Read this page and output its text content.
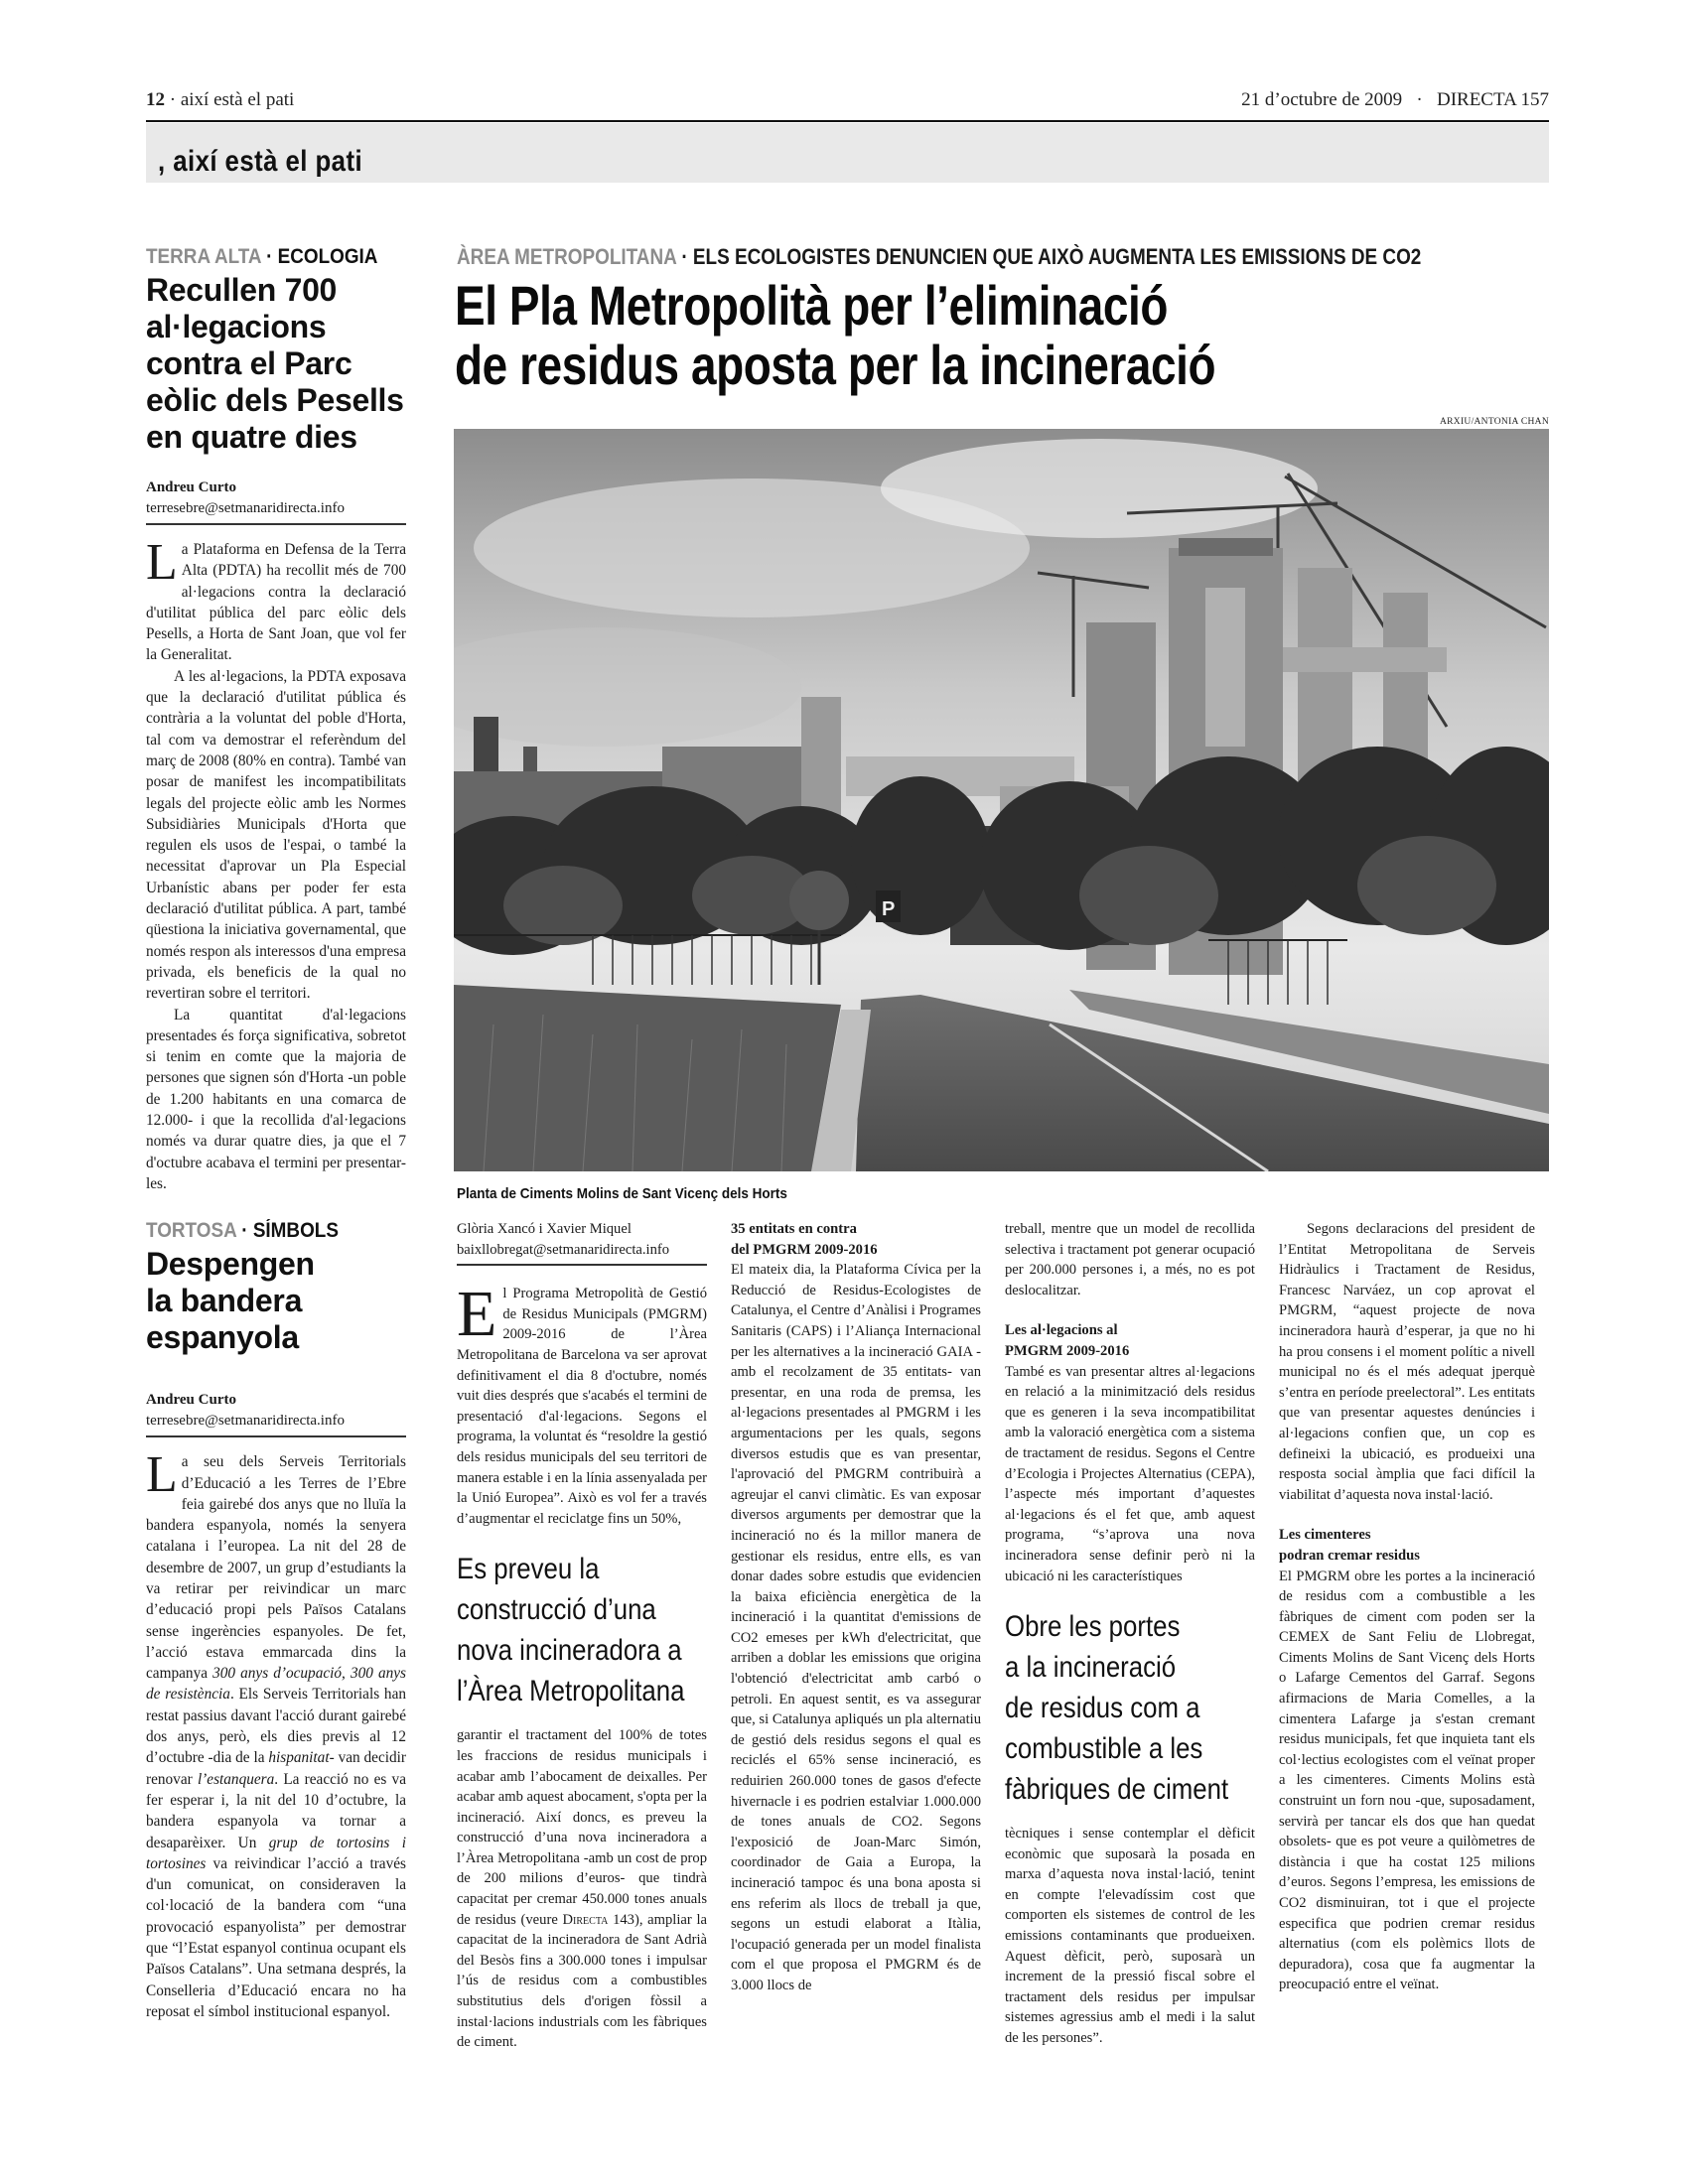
12 · així està el pati	21 d’octubre de 2009   ·   DIRECTA 157
, així està el pati
TERRA ALTA · ECOLOGIA
Recullen 700 al·legacions contra el Parc eòlic dels Pesells en quatre dies
Andreu Curto
terresebre@setmanaridirecta.info

La Plataforma en Defensa de la Terra Alta (PDTA) ha recollit més de 700 al·legacions contra la declaració d'utilitat pública del parc eòlic dels Pesells, a Horta de Sant Joan, que vol fer la Generalitat.

A les al·legacions, la PDTA exposava que la declaració d'utilitat pública és contrària a la voluntat del poble d'Horta, tal com va demostrar el referèndum del març de 2008 (80% en contra). També van posar de manifest les incompatibilitats legals del projecte eòlic amb les Normes Subsidiàries Municipals d'Horta que regulen els usos de l'espai, o també la necessitat d'aprovar un Pla Especial Urbanístic abans per poder fer esta declaració d'utilitat pública. A part, també qüestiona la iniciativa governamental, que només respon als interessos d'una empresa privada, els beneficis de la qual no revertiran sobre el territori.

La quantitat d'al·legacions presentades és força significativa, sobretot si tenim en comte que la majoria de persones que signen són d'Horta -un poble de 1.200 habitants en una comarca de 12.000- i que la recollida d'al·legacions només va durar quatre dies, ja que el 7 d'octubre acabava el termini per presentar-les.

TORTOSA · SÍMBOLS
Despengen la bandera espanyola
Andreu Curto
terresebre@setmanaridirecta.info

La seu dels Serveis Territorials d’Educació a les Terres de l’Ebre feia gairebé dos anys que no lluïa la bandera espanyola, només la senyera catalana i l’europea. La nit del 28 de desembre de 2007, un grup d’estudiants la va retirar per reivindicar un marc d’educació propi pels Països Catalans sense ingerències espanyoles. De fet, l’acció estava emmarcada dins la campanya 300 anys d’ocupació, 300 anys de resistència. Els Serveis Territorials han restat passius davant l'acció durant gairebé dos anys, però, els dies previs al 12 d’octubre -dia de la hispanitat- van decidir renovar l’estanquera. La reacció no es va fer esperar i, la nit del 10 d’octubre, la bandera espanyola va tornar a desaparèixer. Un grup de tortosins i tortosines va reivindicar l’acció a través d'un comunicat, on consideraven la col·locació de la bandera com “una provocació espanyolista” per demostrar que “l’Estat espanyol continua ocupant els Països Catalans”. Una setmana després, la Conselleria d’Educació encara no ha reposat el símbol institucional espanyol.

ÀREA METROPOLITANA · ELS ECOLOGISTES DENUNCIEN QUE AIXÒ AUGMENTA LES EMISSIONS DE CO2
El Pla Metropolità per l’eliminació
de residus aposta per la incineració
ARXIU/ANTONIA CHAN
P
Planta de Ciments Molins de Sant Vicenç dels Horts
Glòria Xancó i Xavier Miquel
baixllobregat@setmanaridirecta.info

El Programa Metropolità de Gestió de Residus Municipals (PMGRM) 2009-2016 de l’Àrea Metropolitana de Barcelona va ser aprovat definitivament el dia 8 d'octubre, només vuit dies després que s'acabés el termini de presentació d'al·legacions. Segons el programa, la voluntat és “resoldre la gestió dels residus municipals del seu territori de manera estable i en la línia assenyalada per la Unió Europea”. Això es vol fer a través d’augmentar el reciclatge fins un 50%,

Es preveu la
construcció d’una
nova incineradora a
l’Àrea Metropolitana

garantir el tractament del 100% de totes les fraccions de residus municipals i acabar amb l’abocament de deixalles. Per acabar amb aquest abocament, s'opta per la incineració. Així doncs, es preveu la construcció d’una nova incineradora a l’Àrea Metropolitana -amb un cost de prop de 200 milions d’euros- que tindrà capacitat per cremar 450.000 tones anuals de residus (veure Directa 143), ampliar la capacitat de la incineradora de Sant Adrià del Besòs fins a 300.000 tones i impulsar l’ús de residus com a combustibles substitutius dels d'origen fòssil a instal·lacions industrials com les fàbriques de ciment.

35 entitats en contra
del PMGRM 2009-2016

El mateix dia, la Plataforma Cívica per la Reducció de Residus-Ecologistes de Catalunya, el Centre d’Anàlisi i Programes Sanitaris (CAPS) i l’Aliança Internacional per les alternatives a la incineració GAIA -amb el recolzament de 35 entitats- van presentar, en una roda de premsa, les al·legacions presentades al PMGRM i les argumentacions per les quals, segons diversos estudis que es van presentar, l'aprovació del PMGRM contribuirà a agreujar el canvi climàtic. Es van exposar diversos arguments per demostrar que la incineració no és la millor manera de gestionar els residus, entre ells, es van donar dades sobre estudis que evidencien la baixa eficiència energètica de la incineració i la quantitat d'emissions de CO2 emeses per kWh d'electricitat, que arriben a doblar les emissions que origina l'obtenció d'electricitat amb carbó o petroli. En aquest sentit, es va assegurar que, si Catalunya apliqués un pla alternatiu de gestió dels residus segons el qual es reciclés el 65% sense incineració, es reduirien 260.000 tones de gasos d'efecte hivernacle i es podrien estalviar 1.000.000 de tones anuals de CO2. Segons l'exposició de Joan-Marc Simón, coordinador de Gaia a Europa, la incineració tampoc és una bona aposta si ens referim als llocs de treball ja que, segons un estudi elaborat a Itàlia, l'ocupació generada per un model finalista com el que proposa el PMGRM és de 3.000 llocs de

treball, mentre que un model de recollida selectiva i tractament pot generar ocupació per 200.000 persones i, a més, no es pot deslocalitzar.

Les al·legacions al
PMGRM 2009-2016

També es van presentar altres al·legacions en relació a la minimització dels residus que es generen i la seva incompatibilitat amb la valoració energètica com a sistema de tractament de residus. Segons el Centre d’Ecologia i Projectes Alternatius (CEPA), l’aspecte més important d’aquestes al·legacions és el fet que, amb aquest programa, “s’aprova una nova incineradora sense definir però ni la ubicació ni les característiques

Obre les portes
a la incineració
de residus com a
combustible a les
fàbriques de ciment

tècniques i sense contemplar el dèficit econòmic que suposarà la posada en marxa d’aquesta nova instal·lació, tenint en compte l'elevadíssim cost que comporten els sistemes de control de les emissions contaminants que produeixen. Aquest dèficit, però, suposarà un increment de la pressió fiscal sobre el tractament dels residus per impulsar sistemes agressius amb el medi i la salut de les persones”.

Segons declaracions del president de l’Entitat Metropolitana de Serveis Hidràulics i Tractament de Residus, Francesc Narváez, un cop aprovat el PMGRM, “aquest projecte de nova incineradora haurà d’esperar, ja que no hi ha prou consens i el moment polític a nivell municipal no és el més adequat jperquè s’entra en període preelectoral”. Les entitats que van presentar aquestes denúncies i al·legacions confien que, un cop es defineixi la ubicació, es produeixi una resposta social àmplia que faci difícil la viabilitat d’aquesta nova instal·lació.

Les cimenteres
podran cremar residus

El PMGRM obre les portes a la incineració de residus com a combustible a les fàbriques de ciment com poden ser la CEMEX de Sant Feliu de Llobregat, Ciments Molins de Sant Vicenç dels Horts o Lafarge Cementos del Garraf. Segons afirmacions de Maria Comelles, a la cimentera Lafarge ja s'estan cremant residus municipals, fet que inquieta tant els col·lectius ecologistes com el veïnat proper a les cimenteres. Ciments Molins està construint un forn nou -que, suposadament, servirà per tancar els dos que han quedat obsolets- que es pot veure a quilòmetres de distància i que ha costat 125 milions d’euros. Segons l’empresa, les emissions de CO2 disminuiran, tot i que el projecte especifica que podrien cremar residus alternatius (com els polèmics llots de depuradora), cosa que fa augmentar la preocupació entre el veïnat.
